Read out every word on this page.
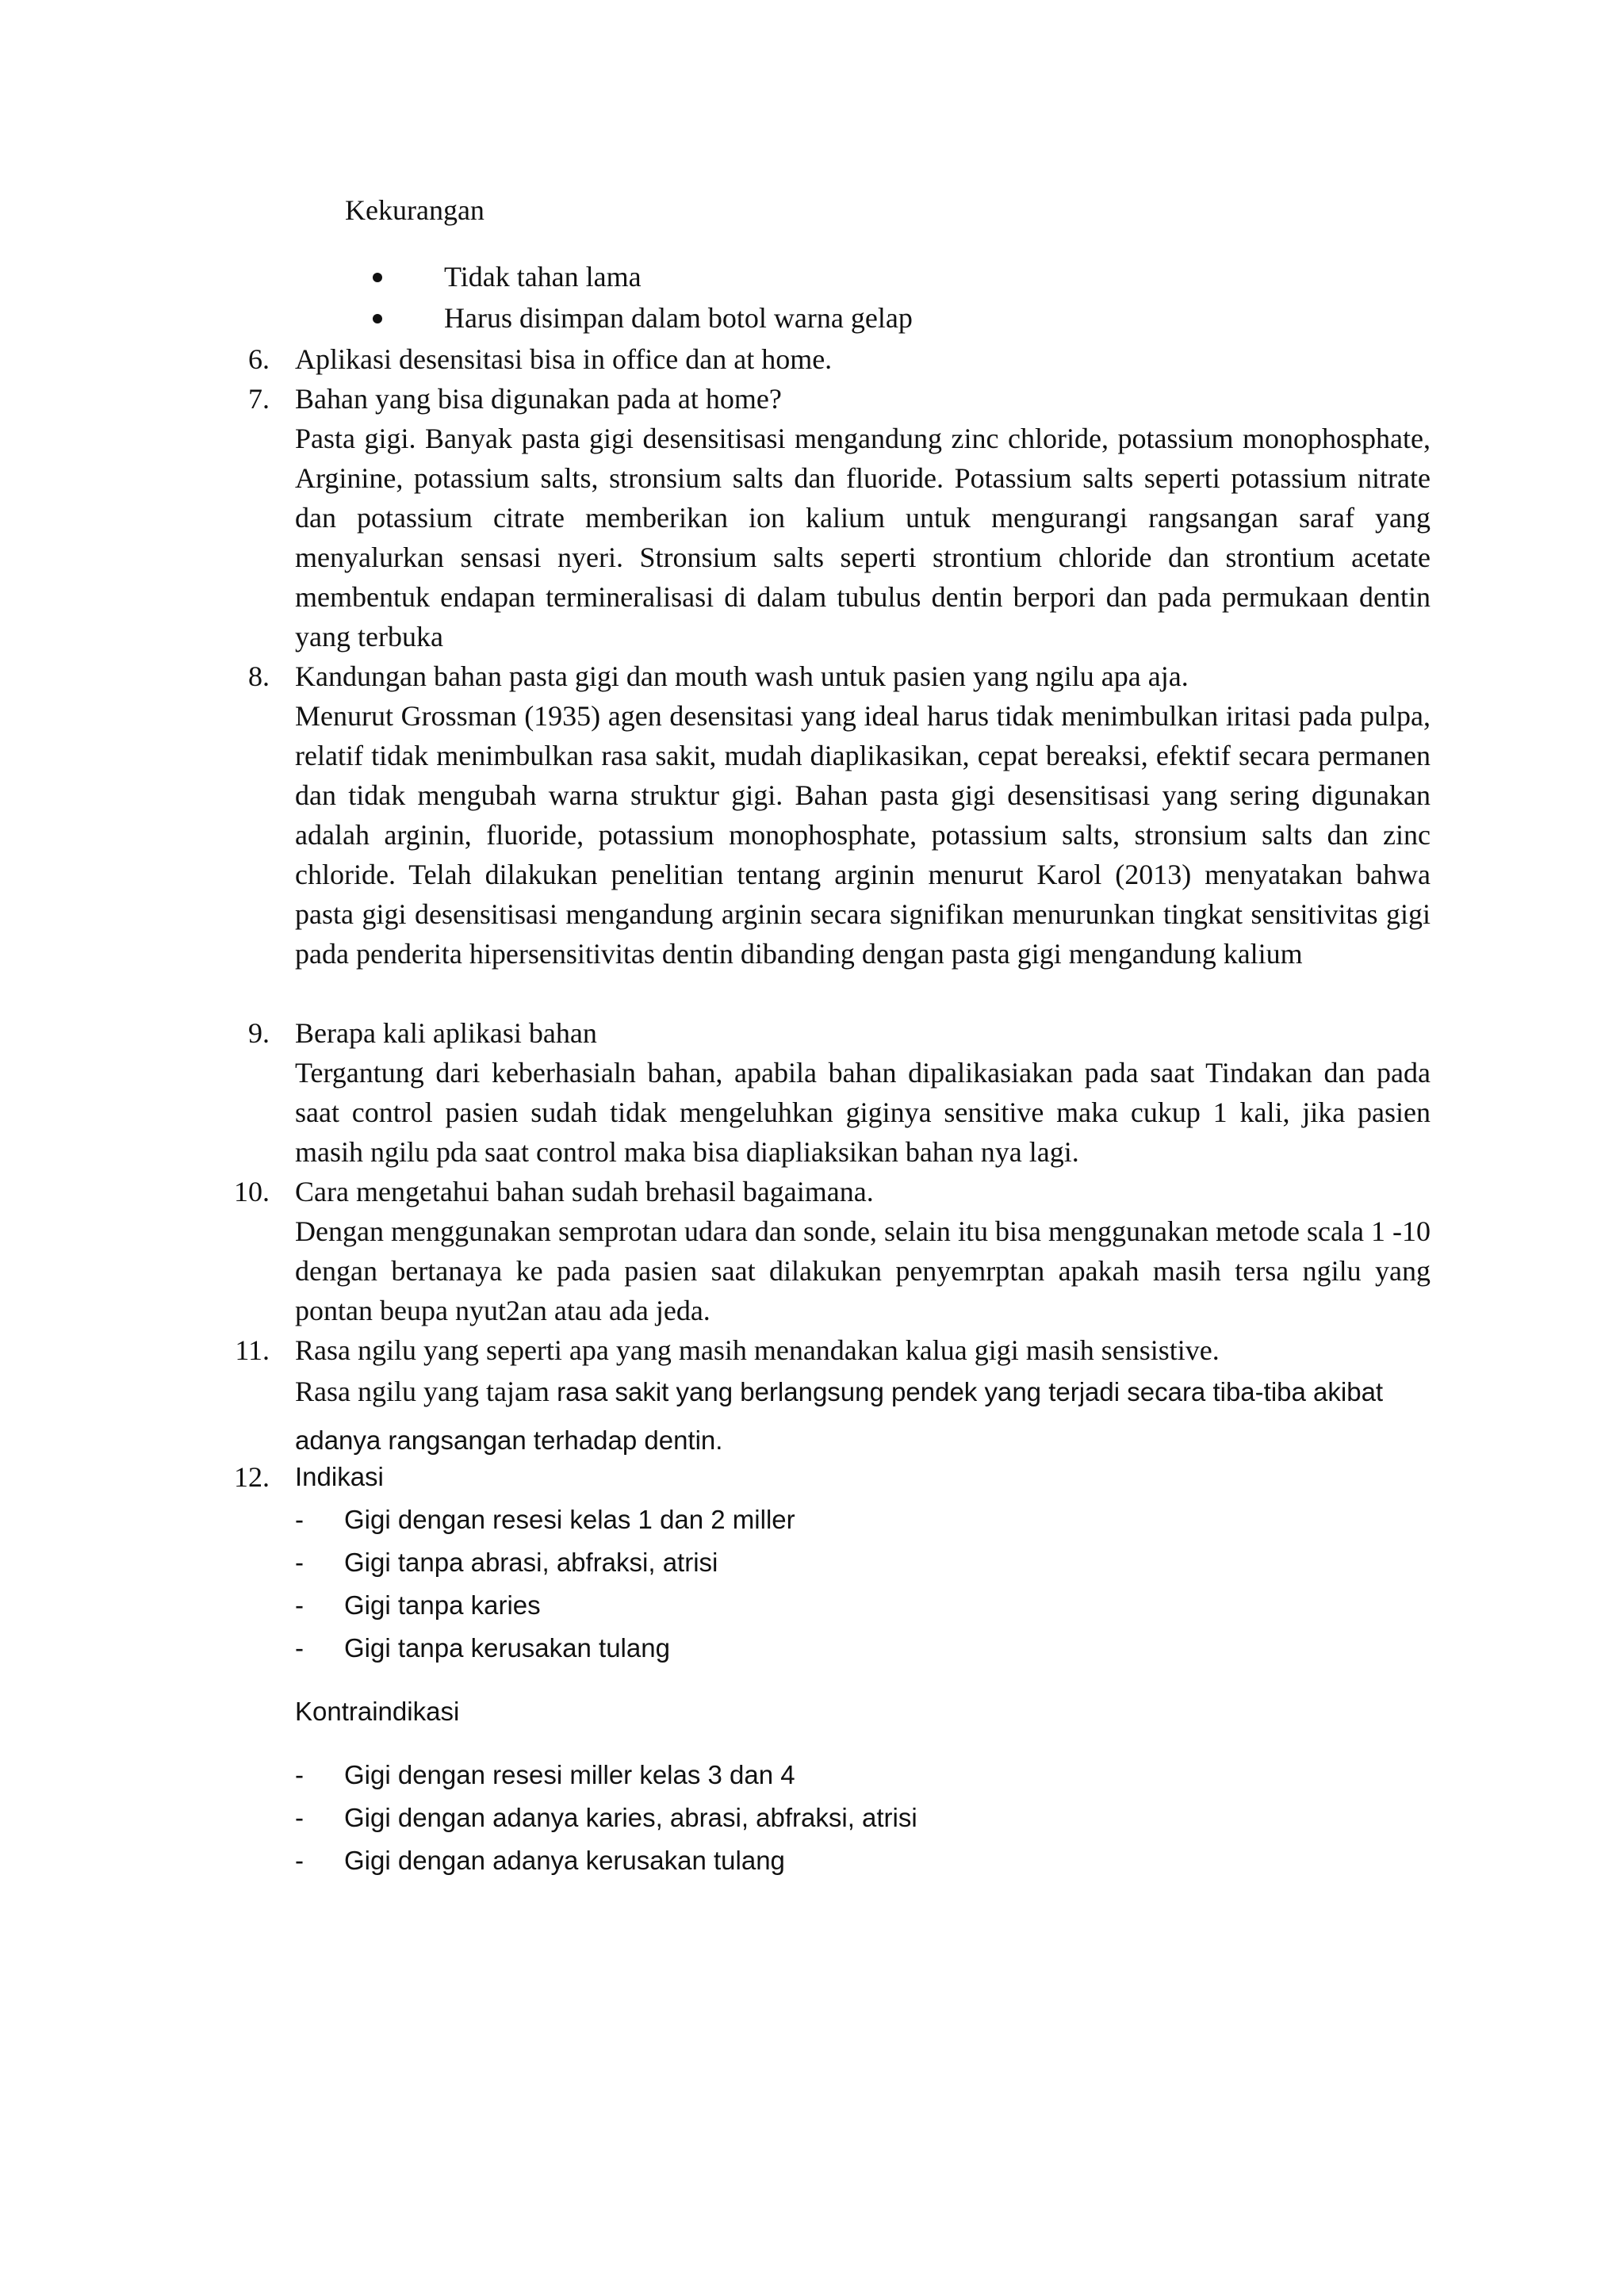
Kekurangan
Tidak tahan lama
Harus disimpan dalam botol warna gelap
6. Aplikasi desensitasi bisa in office dan at home.
7. Bahan yang bisa digunakan pada at home?
Pasta gigi. Banyak pasta gigi desensitisasi mengandung zinc chloride, potassium monophosphate, Arginine, potassium salts, stronsium salts dan fluoride. Potassium salts seperti potassium nitrate dan potassium citrate memberikan ion kalium untuk mengurangi rangsangan saraf yang menyalurkan sensasi nyeri. Stronsium salts seperti strontium chloride dan strontium acetate membentuk endapan termineralisasi di dalam tubulus dentin berpori dan pada permukaan dentin yang terbuka
8. Kandungan bahan pasta gigi dan mouth wash untuk pasien yang ngilu apa aja.
Menurut Grossman (1935) agen desensitasi yang ideal harus tidak menimbulkan iritasi pada pulpa, relatif tidak menimbulkan rasa sakit, mudah diaplikasikan, cepat bereaksi, efektif secara permanen dan tidak mengubah warna struktur gigi. Bahan pasta gigi desensitisasi yang sering digunakan adalah arginin, fluoride, potassium monophosphate, potassium salts, stronsium salts dan zinc chloride. Telah dilakukan penelitian tentang arginin menurut Karol (2013) menyatakan bahwa pasta gigi desensitisasi mengandung arginin secara signifikan menurunkan tingkat sensitivitas gigi pada penderita hipersensitivitas dentin dibanding dengan pasta gigi mengandung kalium
9. Berapa kali aplikasi bahan
Tergantung dari keberhasialn bahan, apabila bahan dipalikasiakan pada saat Tindakan dan pada saat control pasien sudah tidak mengeluhkan giginya sensitive maka cukup 1 kali, jika pasien masih ngilu pda saat control maka bisa diapliaksikan bahan nya lagi.
10. Cara mengetahui bahan sudah brehasil bagaimana.
Dengan menggunakan semprotan udara dan sonde, selain itu bisa menggunakan metode scala 1 -10 dengan bertanaya ke pada pasien saat dilakukan penyemrptan apakah masih tersa ngilu yang pontan beupa nyut2an atau ada jeda.
11. Rasa ngilu yang seperti apa yang masih menandakan kalua gigi masih sensistive.
Rasa ngilu yang tajam rasa sakit yang berlangsung pendek yang terjadi secara tiba-tiba akibat adanya rangsangan terhadap dentin.
12. Indikasi
- Gigi dengan resesi kelas 1 dan 2 miller
- Gigi tanpa abrasi, abfraksi, atrisi
- Gigi tanpa karies
- Gigi tanpa kerusakan tulang
Kontraindikasi
- Gigi dengan resesi miller kelas 3 dan 4
- Gigi dengan adanya karies, abrasi, abfraksi, atrisi
- Gigi dengan adanya kerusakan tulang
